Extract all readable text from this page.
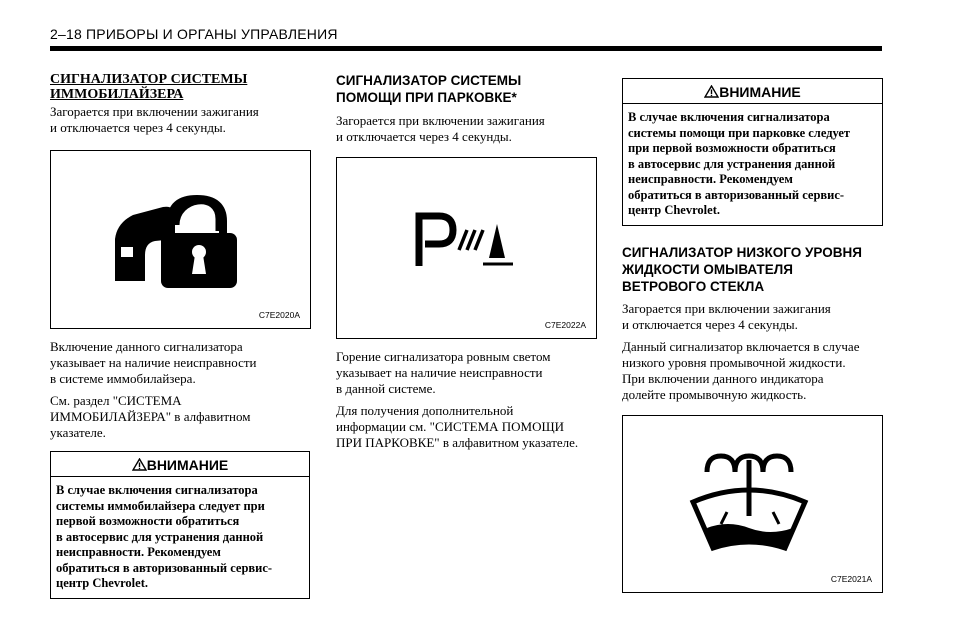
2–18 ПРИБОРЫ И ОРГАНЫ УПРАВЛЕНИЯ
СИГНАЛИЗАТОР СИСТЕМЫ ИММОБИЛАЙЗЕРА
Загорается при включении зажигания
и отключается через 4 секунды.
C7E2020A
Включение данного сигнализатора
указывает на наличие неисправности
в системе иммобилайзера.
См. раздел "СИСТЕМА
ИММОБИЛАЙЗЕРА" в алфавитном
указателе.
ВНИМАНИЕ
В случае включения сигнализатора
системы иммобилайзера следует при
первой возможности обратиться
в автосервис для устранения данной
неисправности. Рекомендуем
обратиться в авторизованный сервис-
центр Chevrolet.
СИГНАЛИЗАТОР СИСТЕМЫ
ПОМОЩИ ПРИ ПАРКОВКЕ*
Загорается при включении зажигания
и отключается через 4 секунды.
C7E2022A
Горение сигнализатора ровным светом
указывает на наличие неисправности
в данной системе.
Для получения дополнительной
информации см. "СИСТЕМА ПОМОЩИ
ПРИ ПАРКОВКЕ" в алфавитном указателе.
ВНИМАНИЕ
В случае включения сигнализатора
системы помощи при парковке следует
при первой возможности обратиться
в автосервис для устранения данной
неисправности. Рекомендуем
обратиться в авторизованный сервис-
центр Chevrolet.
СИГНАЛИЗАТОР НИЗКОГО УРОВНЯ
ЖИДКОСТИ ОМЫВАТЕЛЯ
ВЕТРОВОГО СТЕКЛА
Загорается при включении зажигания
и отключается через 4 секунды.
Данный сигнализатор включается в случае
низкого уровня промывочной жидкости.
При включении данного индикатора
долейте промывочную жидкость.
C7E2021A
